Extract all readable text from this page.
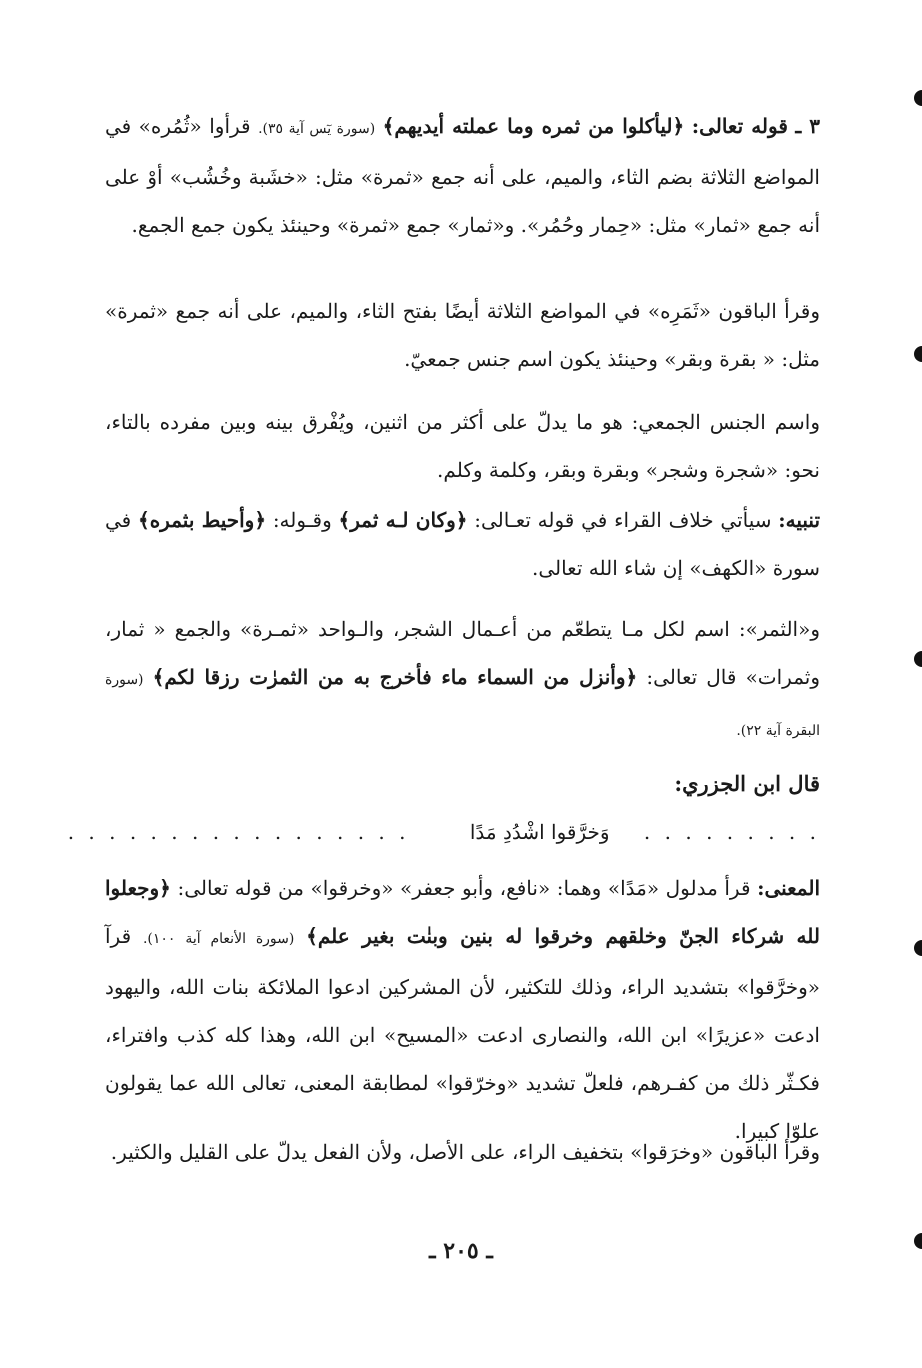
٣ ـ قوله تعالى: ﴿ليأكلوا من ثمره وما عملته أيديهم﴾ (سورة يٓس آية ٣٥). قرأوا «ثُمُره» في المواضع الثلاثة بضم الثاء، والميم، على أنه جمع «ثمرة» مثل: «خشَبة وخُشُب» أوْ على أنه جمع «ثمار» مثل: «حِمار وحُمُر». و«ثمار» جمع «ثمرة» وحينئذ يكون جمع الجمع.
وقرأ الباقون «ثَمَرِه» في المواضع الثلاثة أيضًا بفتح الثاء، والميم، على أنه جمع «ثمرة» مثل: « بقرة وبقر» وحينئذ يكون اسم جنس جمعيّ.
واسم الجنس الجمعي: هو ما يدلّ على أكثر من اثنين، ويُفْرق بينه وبين مفرده بالتاء، نحو: «شجرة وشجر» وبقرة وبقر، وكلمة وكلم.
تنبيه: سيأتي خلاف القراء في قوله تعـالى: ﴿وكان لـه ثمر﴾ وقـوله: ﴿وأحيط بثمره﴾ في سورة «الكهف» إن شاء الله تعالى.
و«الثمر»: اسم لكل مـا يتطعّم من أعـمال الشجر، والـواحد «ثمـرة» والجمع « ثمار، وثمرات» قال تعالى: ﴿وأنزل من السماء ماء فأخرج به من الثمرٰت رزقا لكم﴾ (سورة البقرة آية ٢٢).
قال ابن الجزري:
. . . . . . . . . وَخرَّقوا اشْدُدِ مَدًا . . . . . . . . . . . . . . . . .
المعنى: قرأ مدلول «مَدًا» وهما: «نافع، وأبو جعفر» «وخرقوا» من قوله تعالى: ﴿وجعلوا لله شركاء الجنّ وخلقهم وخرقوا له بنين وبنٰت بغير علم﴾ (سورة الأنعام آية ١٠٠). قرآ «وخرَّقوا» بتشديد الراء، وذلك للتكثير، لأن المشركين ادعوا الملائكة بنات الله، واليهود ادعت «عزيرًا» ابن الله، والنصارى ادعت «المسيح» ابن الله، وهذا كله كذب وافتراء، فكـثّر ذلك من كفـرهم، فلعلّ تشديد «وخرّقوا» لمطابقة المعنى، تعالى الله عما يقولون علوّا كبيرا.
وقرأ الباقون «وخرَقوا» بتخفيف الراء، على الأصل، ولأن الفعل يدلّ على القليل والكثير.
ـ ٢٠٥ ـ
